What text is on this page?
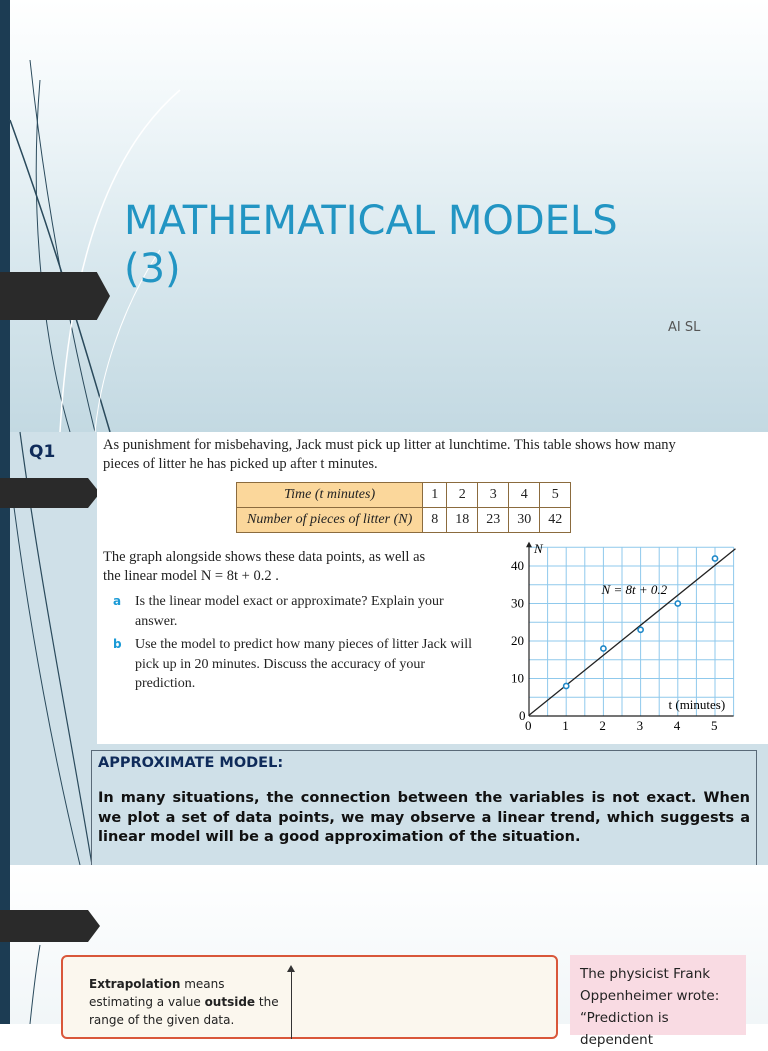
MATHEMATICAL MODELS
(3)
AI SL
Q1	As punishment for misbehaving, Jack must pick up litter at lunchtime. This table shows how many
pieces of litter he has picked up after t minutes.
Time (t minutes)	1	2	3	4	5
Number of pieces of litter (N)	8	18	23	30	42
The graph alongside shows these data points, as well as
the linear model N = 8t + 0.2 .
a Is the linear model exact or approximate? Explain your answer.
b Use the model to predict how many pieces of litter Jack will pick up in 20 minutes. Discuss the accuracy of your prediction.
N = 8t + 0.2
0 1 2 3 4 5
0
10
20
30
40
N
t (minutes)
APPROXIMATE MODEL:
In many situations, the connection between the variables is not exact. When we plot a set of data points, we may observe a linear trend, which suggests a linear model will be a good approximation of the situation.
Extrapolation means estimating a value outside the range of the given data.
The physicist Frank Oppenheimer wrote:
“Prediction is dependent
